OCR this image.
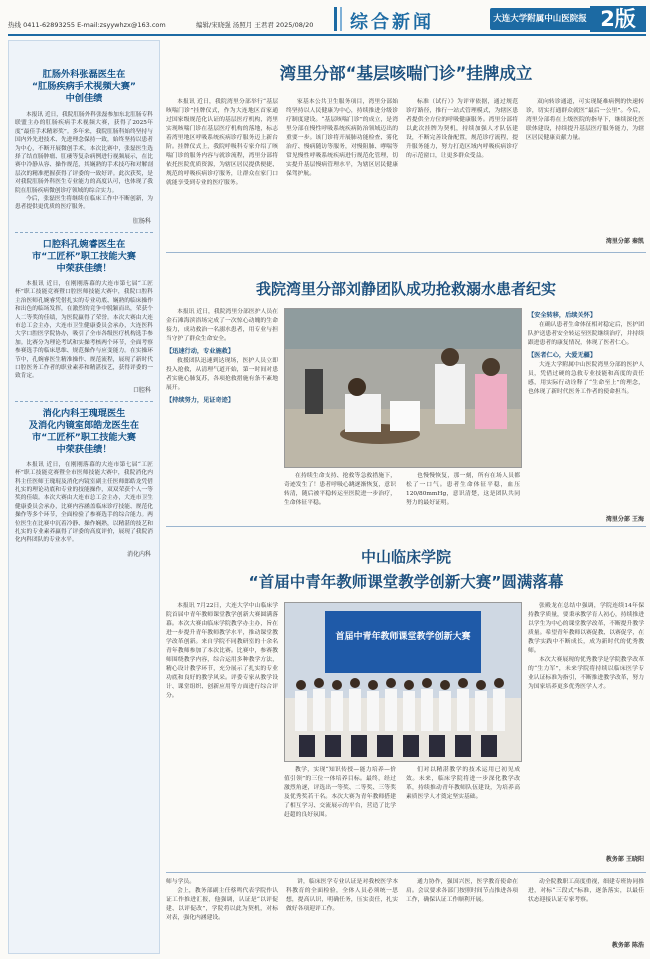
热线 0411-62893255 E-mail:zsyywhzx@163.com	编辑/宋晓强 汤照月 王君君 2025/08/20 综合新闻	大连大学附属中山医院报 2版
肛肠外科张磊医生在
“肛肠疾病手术视频大赛”
中创佳绩
本报讯 近日，我院肛肠外科张磊参加东北肛肠专科联盟主办的肛肠疾病手术视频大赛，获得了2025年度“最佳手术精彩奖”。多年来，我院肛肠科始终坚持与国内外先进技术、先进理念保持一致，始终坚持以患者为中心，不断开展微创手术。本次比赛中，张磊医生选择了结直肠肿瘤、肛瘘等复杂病例进行视频展示，在比赛中冷静从容、操作规范，其娴熟的手术技巧和对解剖层次的精准把握获得了评委的一致好评。此次获奖，是对我院肛肠外科医生专业能力的高度认可，也体现了我院在肛肠疾病微创诊疗领域的综合实力。
今后，张磊医生将继续在临床工作中不断创新，为患者提供更优质的医疗服务。
肛肠科
口腔科孔婉睿医生在
市“工匠杯”职工技能大赛
中荣获佳绩！
本报讯 近日，在刚刚落幕的大连市第七届“工匠杯”职工技能竞赛暨口腔医师技能大赛中，我院口腔科主治医师孔婉睿凭借扎实的专业功底、娴熟的临床操作和出色的临场发挥，在激烈的竞争中脱颖而出，荣获个人二等奖的佳绩，为医院赢得了荣誉。本次大赛由大连市总工会主办，大连市卫生健康委员会承办，大连医科大学口腔医学院协办，吸引了全市各级医疗机构选手参加。比赛分为理论考试和实操考核两个环节，全面考察参赛选手的临床思维、规范操作与应变能力。在实操环节中，孔婉睿医生精准操作、规范流程，展现了新时代口腔医务工作者的职业素养和精湛技艺，获得评委的一致肯定。
口腔科
消化内科王瑰琨医生
及消化内镜室郎皓龙医生在
市“工匠杯”职工技能大赛
中荣获佳绩！
本报讯 近日，在刚刚落幕的大连市第七届“工匠杯”职工技能竞赛暨全市医师技能大赛中，我院消化内科主任医师王瑰琨及消化内镜室副主任医师郎皓龙凭借扎实的理论功底和专业的技能操作，双双荣获个人一等奖的佳绩。本次大赛由大连市总工会主办，大连市卫生健康委员会承办，比赛内容涵盖临床诊疗技能、规范化操作等多个环节，全面检验了参赛选手的综合能力。两位医生在比赛中沉着冷静、操作娴熟，以精湛的技艺和扎实的专业素养赢得了评委的高度评价，展现了我院消化内科团队的专业水平。
消化内科
湾里分部“基层咳喘门诊”挂牌成立
本报讯 近日，我院湾里分部举行“基层咳喘门诊”挂牌仪式，作为大连地区首家通过国家级规范化认证的基层医疗机构，湾里实现咳喘门诊在基层医疗机构的落地，标志着湾里地区呼吸系统疾病诊疗服务迈上新台阶。挂牌仪式上，我院呼吸科专家介绍了咳喘门诊的服务内容与就诊流程，湾里分部将依托医院优质资源，为辖区居民提供便捷、规范的呼吸疾病诊疗服务，让群众在家门口就能享受到专业的医疗服务。
家基本公共卫生服务项目，湾里分部始终坚持以人民健康为中心，持续推进分级诊疗制度建设。“基层咳喘门诊”的成立，是湾里分部在慢性呼吸系统疾病防治领域迈出的重要一步。该门诊将开展肺功能检查、雾化治疗、慢病随访等服务，对慢阻肺、哮喘等常见慢性呼吸系统疾病进行规范化管理，切实提升基层慢病管理水平，为辖区居民健康保驾护航。
标准（试行）》为评审依据，通过规范诊疗路径，推行一站式管理模式，为辖区患者提供全方位的呼吸健康服务。湾里分部将以此次挂牌为契机，持续加强人才队伍建设，不断完善设备配置，规范诊疗流程，提升服务能力，努力打造区域内呼吸疾病诊疗的示范窗口，让更多群众受益。
双向转诊通道，可实现疑难病例的快速转诊，切实打通群众就医“最后一公里”。今后，湾里分部将在上级医院的指导下，继续深化医联体建设，持续提升基层医疗服务能力，为辖区居民健康贡献力量。
湾里分部 秦凯
我院湾里分部刘静团队成功抢救溺水患者纪实
本报讯 近日，我院湾里分部医护人员在金石滩海滨浴场完成了一次惊心动魄的生命接力，成功救治一名溺水患者，用专业与担当守护了群众生命安全。
【迅速行动，专业施救】
救援团队迅速到达现场，医护人员立即投入抢救，从清理气道开始，第一时间对患者实施心肺复苏，各项抢救措施有条不紊地展开。
【持续努力，见证奇迹】
在持续生命支持、抢救等急救措施下，奇迹发生了！患者呼吸心跳逐渐恢复，意识转清，随后被平稳转运至医院进一步治疗，生命体征平稳。
也慢慢恢复，那一刻，所有在场人员都松了一口气。患者生命体征平稳，血压120/80mmHg，意识清楚，这是团队共同努力的最好证明。
【安全转移，后续关怀】
在确认患者生命体征相对稳定后，医护团队护送患者安全转运至医院继续治疗，并持续跟进患者的康复情况，体现了医者仁心。
【医者仁心，大爱无疆】
大连大学附属中山医院湾里分部的医护人员，凭借过硬的急救专业技能和高度的责任感，用实际行动诠释了“生命至上”的理念，也体现了新时代医务工作者的使命担当。
湾里分部 王海
中山临床学院
“首届中青年教师课堂教学创新大赛”圆满落幕
本报讯 7月22日，大连大学中山临床学院首届中青年教师课堂教学创新大赛圆满落幕。本次大赛由临床学院教学办主办，旨在进一步提升青年教师教学水平，推动课堂教学改革创新。来自学院不同教研室的十余名青年教师参加了本次比赛。比赛中，参赛教师围绕教学内容，综合运用多种教学方法，精心设计教学环节，充分展示了扎实的专业功底和良好的教学风采。评委专家从教学设计、课堂组织、创新应用等方面进行综合评分。
首届中青年教师课堂教学创新大赛
教学，实现“知识传授—能力培养—价值引领”的三位一体培养目标。最终，经过激烈角逐，评选出一等奖、二等奖、三等奖及优秀奖若干名。本次大赛为青年教师搭建了相互学习、交流展示的平台，营造了比学赶超的良好氛围。
们对以精湛教学的技术运用已初见成效。未来，临床学院将进一步深化教学改革，持续推动青年教师队伍建设，为培养高素质医学人才奠定坚实基础。
张殿龙在总结中强调，学院连续14年保持教学质量，要秉承教学育人初心，持续推进以学生为中心的课堂教学改革，不断提升教学质量。希望青年教师以赛促教、以赛促学，在教学实践中不断成长，成为新时代的优秀教师。
本次大赛展现的优秀教学是学院教学改革的“生力军”，未来学院将持续以临床医学专业认证标准为指引，不断推进教学改革，努力为国家培养更多优秀医学人才。
教务部 王晓阳
师与学员。
会上，教务部副主任蔡鸣代表学院作认证工作推进汇报，他强调，认证是“以评促建、以评促改”，学院将以此为契机，对标对表，强化内涵建设。
讲，临床医学专业认证是对我校医学本科教育的全面检验，全体人员必须统一思想，提高认识，明确任务，压实责任，扎实做好各项迎评工作。
通力协作，强国兴医，医学教育使命在肩。会议要求各部门按照时间节点推进各项工作，确保认证工作顺利开展。
动全院教职工高度重视，细建专班协同推进，对标“三段式”标准，逐条落实，以最佳状态迎接认证专家考察。
教务部 陈浩
